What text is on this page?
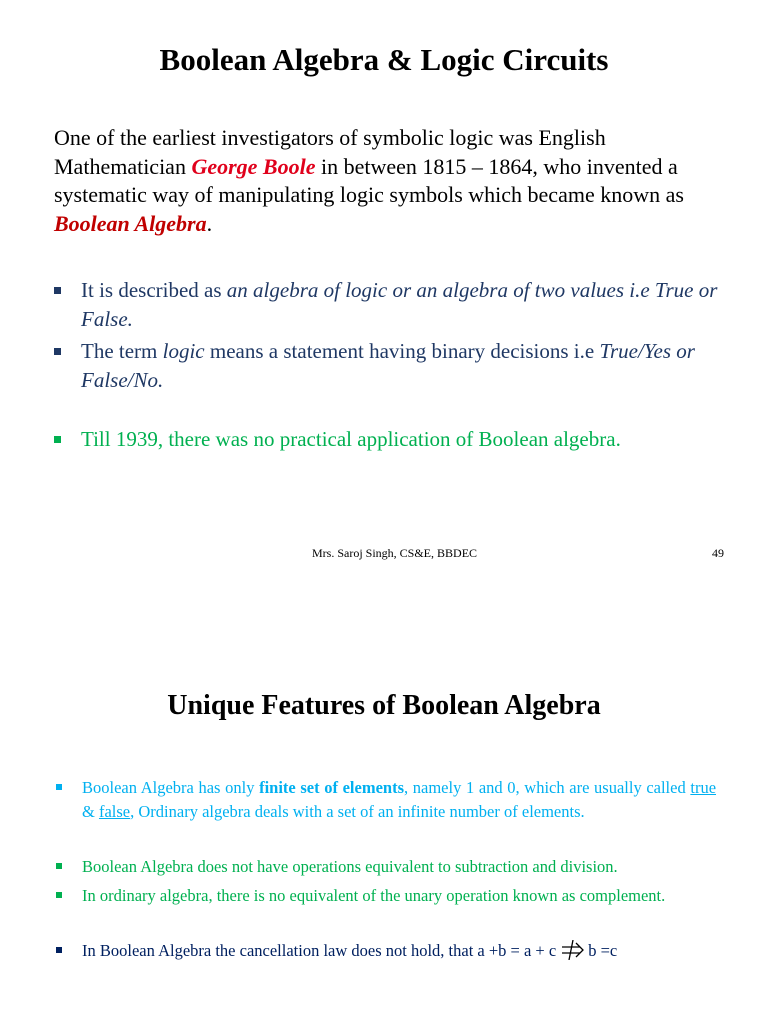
Boolean Algebra & Logic Circuits

One of the earliest investigators of symbolic logic was English Mathematician George Boole in between 1815 – 1864, who invented a systematic way of manipulating logic symbols which became known as Boolean Algebra.

It is described as an algebra of logic or an algebra of two values i.e True or False.
The term logic means a statement having binary decisions i.e True/Yes or False/No.
Till 1939, there was no practical application of Boolean algebra.
Mrs. Saroj Singh, CS&E, BBDEC	49
Unique Features of Boolean Algebra
Boolean Algebra has only finite set of elements, namely 1 and 0, which are usually called true & false, Ordinary algebra deals with a set of an infinite number of elements.
Boolean Algebra does not have operations equivalent to subtraction and division.
In ordinary algebra, there is no equivalent of the unary operation known as complement.
In Boolean Algebra the cancellation law does not hold, that a +b = a + c b =c
